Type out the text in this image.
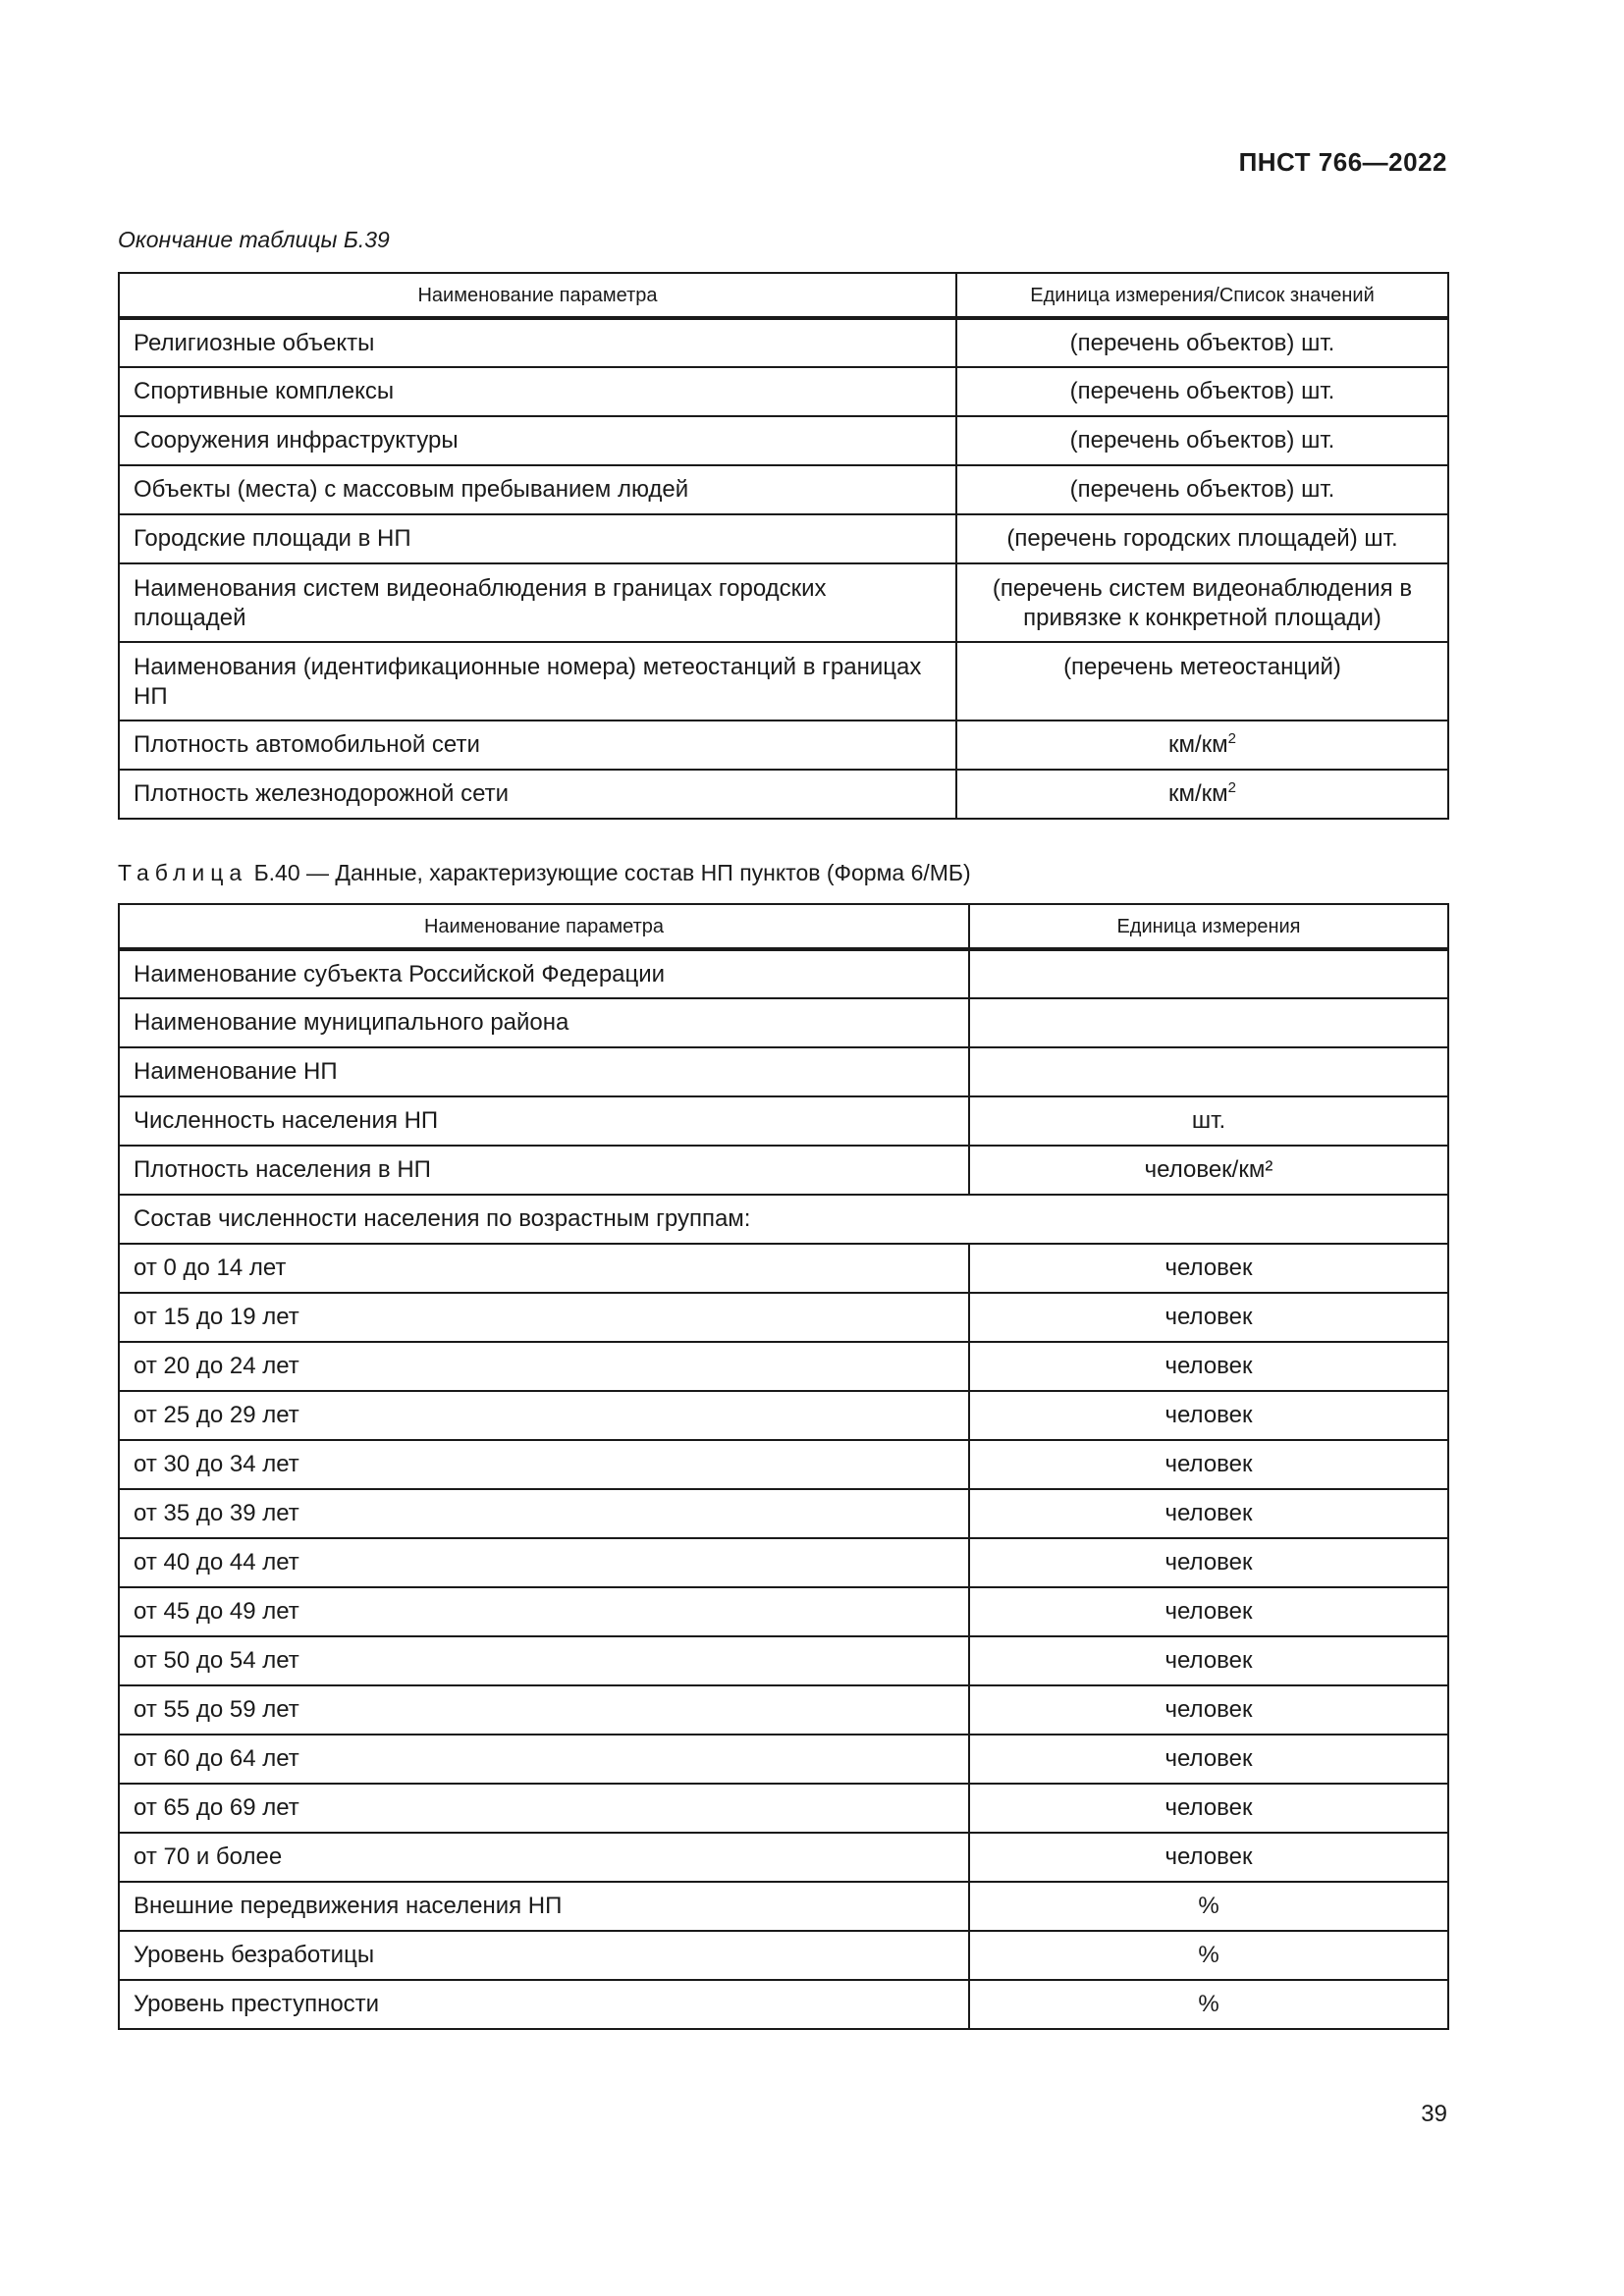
ПНСТ 766—2022
Окончание таблицы Б.39
Наименование параметра	Единица измерения/Список значений
Религиозные объекты	(перечень объектов) шт.
Спортивные комплексы	(перечень объектов) шт.
Сооружения инфраструктуры	(перечень объектов) шт.
Объекты (места) с массовым пребыванием людей	(перечень объектов) шт.
Городские площади в НП	(перечень городских площадей) шт.
Наименования систем видеонаблюдения в границах городских площадей	(перечень систем видеонаблюдения в привязке к конкретной площади)
Наименования (идентификационные номера) метеостанций в границах НП	(перечень метеостанций)
Плотность автомобильной сети	$км/км^2$
Плотность железнодорожной сети	$км/км^2$
Таблица Б.40 — Данные, характеризующие состав НП пунктов (Форма 6/МБ)
Наименование параметра	Единица измерения
Наименование субъекта Российской Федерации	
Наименование муниципального района	
Наименование НП	
Численность населения НП	шт.
Плотность населения в НП	человек/км²
Состав численности населения по возрастным группам:	
от 0 до 14 лет	человек
от 15 до 19 лет	человек
от 20 до 24 лет	человек
от 25 до 29 лет	человек
от 30 до 34 лет	человек
от 35 до 39 лет	человек
от 40 до 44 лет	человек
от 45 до 49 лет	человек
от 50 до 54 лет	человек
от 55 до 59 лет	человек
от 60 до 64 лет	человек
от 65 до 69 лет	человек
от 70 и более	человек
Внешние передвижения населения НП	%
Уровень безработицы	%
Уровень преступности	%
39
